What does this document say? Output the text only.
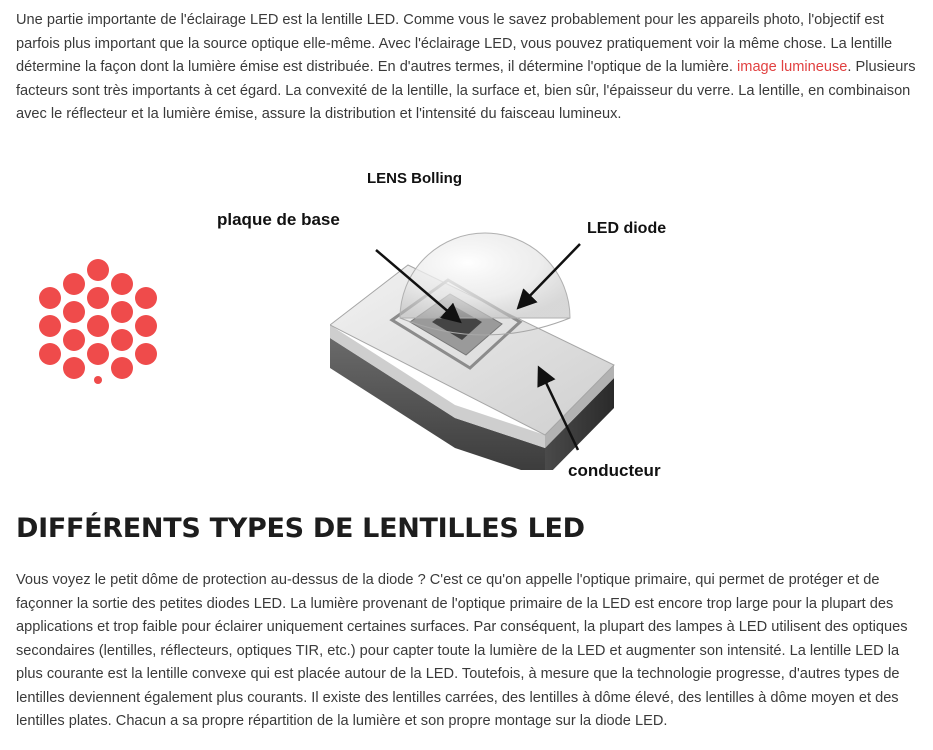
Une partie importante de l'éclairage LED est la lentille LED. Comme vous le savez probablement pour les appareils photo, l'objectif est parfois plus important que la source optique elle-même. Avec l'éclairage LED, vous pouvez pratiquement voir la même chose. La lentille détermine la façon dont la lumière émise est distribuée. En d'autres termes, il détermine l'optique de la lumière. image lumineuse. Plusieurs facteurs sont très importants à cet égard. La convexité de la lentille, la surface et, bien sûr, l'épaisseur du verre. La lentille, en combinaison avec le réflecteur et la lumière émise, assure la distribution et l'intensité du faisceau lumineux.

LENS Bolling
plaque de base	LED diode
conducteur
DIFFÉRENTS TYPES DE LENTILLES LED

Vous voyez le petit dôme de protection au-dessus de la diode ? C'est ce qu'on appelle l'optique primaire, qui permet de protéger et de façonner la sortie des petites diodes LED. La lumière provenant de l'optique primaire de la LED est encore trop large pour la plupart des applications et trop faible pour éclairer uniquement certaines surfaces. Par conséquent, la plupart des lampes à LED utilisent des optiques secondaires (lentilles, réflecteurs, optiques TIR, etc.) pour capter toute la lumière de la LED et augmenter son intensité. La lentille LED la plus courante est la lentille convexe qui est placée autour de la LED. Toutefois, à mesure que la technologie progresse, d'autres types de lentilles deviennent également plus courants. Il existe des lentilles carrées, des lentilles à dôme élevé, des lentilles à dôme moyen et des lentilles plates. Chacun a sa propre répartition de la lumière et son propre montage sur la diode LED.
